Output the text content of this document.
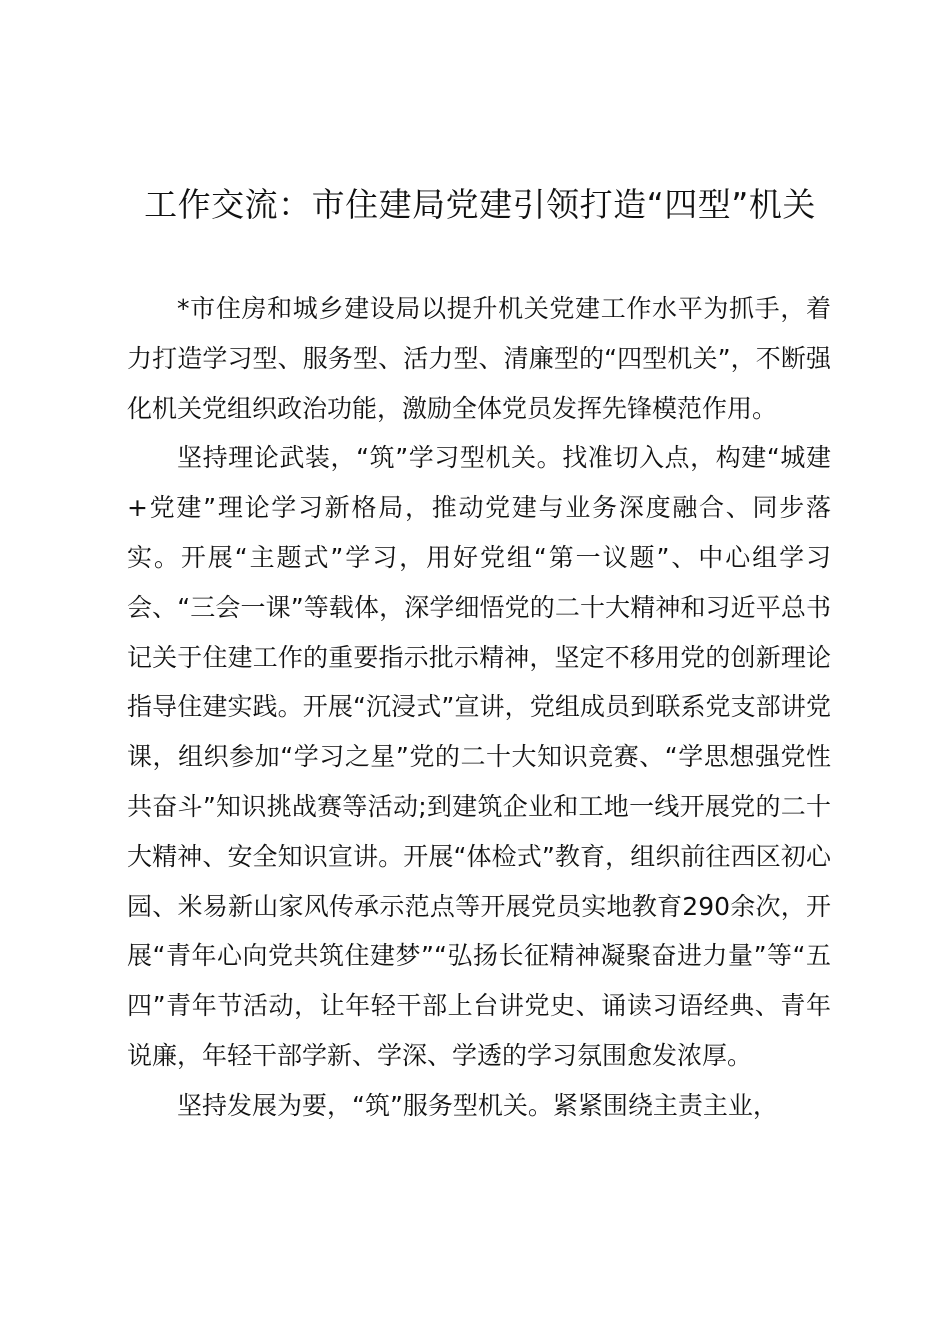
工作交流：市住建局党建引领打造“四型”机关

*市住房和城乡建设局以提升机关党建工作水平为抓手，着力打造学习型、服务型、活力型、清廉型的“四型机关”，不断强化机关党组织政治功能，激励全体党员发挥先锋模范作用。

坚持理论武装，“筑”学习型机关。找准切入点，构建“城建+党建”理论学习新格局，推动党建与业务深度融合、同步落实。开展“主题式”学习，用好党组“第一议题”、中心组学习会、“三会一课”等载体，深学细悟党的二十大精神和习近平总书记关于住建工作的重要指示批示精神，坚定不移用党的创新理论指导住建实践。开展“沉浸式”宣讲，党组成员到联系党支部讲党课，组织参加“学习之星”党的二十大知识竞赛、“学思想强党性共奋斗”知识挑战赛等活动;到建筑企业和工地一线开展党的二十大精神、安全知识宣讲。开展“体检式”教育，组织前往西区初心园、米易新山家风传承示范点等开展党员实地教育290余次，开展“青年心向党共筑住建梦”“弘扬长征精神凝聚奋进力量”等“五四”青年节活动，让年轻干部上台讲党史、诵读习语经典、青年说廉，年轻干部学新、学深、学透的学习氛围愈发浓厚。

坚持发展为要，“筑”服务型机关。紧紧围绕主责主业，
